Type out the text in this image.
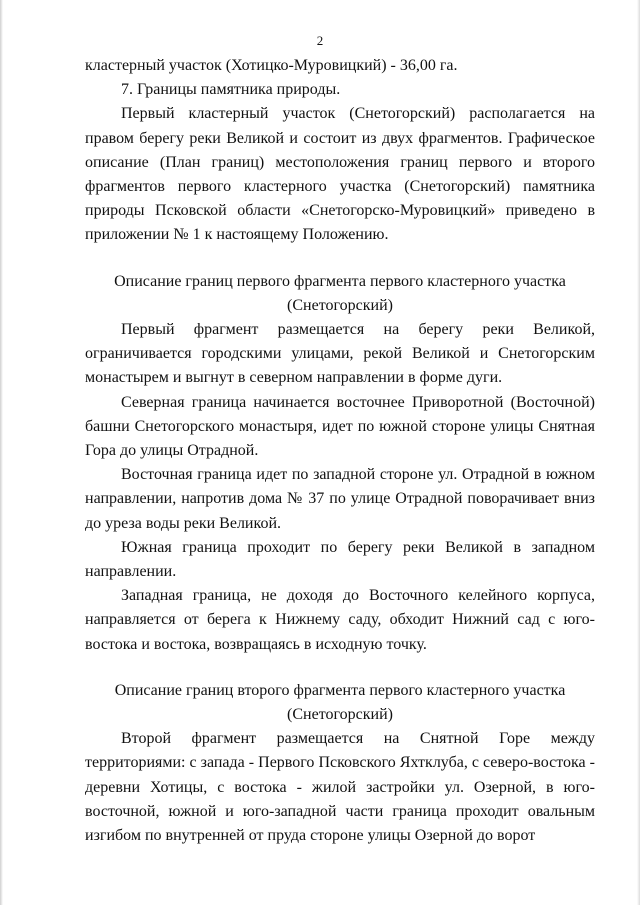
2

кластерный участок (Хотицко-Муровицкий) - 36,00 га.

7. Границы памятника природы.

Первый кластерный участок (Снетогорский) располагается на правом берегу реки Великой и состоит из двух фрагментов. Графическое описание (План границ) местоположения границ первого и второго фрагментов первого кластерного участка (Снетогорский) памятника природы Псковской области «Снетогорско-Муровицкий» приведено в приложении № 1 к настоящему Положению.

Описание границ первого фрагмента первого кластерного участка

(Снетогорский)

Первый фрагмент размещается на берегу реки Великой, ограничивается городскими улицами, рекой Великой и Снетогорским монастырем и выгнут в северном направлении в форме дуги.

Северная граница начинается восточнее Приворотной (Восточной) башни Снетогорского монастыря, идет по южной стороне улицы Снятная Гора до улицы Отрадной.

Восточная граница идет по западной стороне ул. Отрадной в южном направлении, напротив дома № 37 по улице Отрадной поворачивает вниз до уреза воды реки Великой.

Южная граница проходит по берегу реки Великой в западном направлении.

Западная граница, не доходя до Восточного келейного корпуса, направляется от берега к Нижнему саду, обходит Нижний сад с юго-востока и востока, возвращаясь в исходную точку.

Описание границ второго фрагмента первого кластерного участка

(Снетогорский)

Второй фрагмент размещается на Снятной Горе между территориями: с запада - Первого Псковского Яхтклуба, с северо-востока - деревни Хотицы, с востока - жилой застройки ул. Озерной, в юго-восточной, южной и юго-западной части граница проходит овальным изгибом по внутренней от пруда стороне улицы Озерной до ворот
